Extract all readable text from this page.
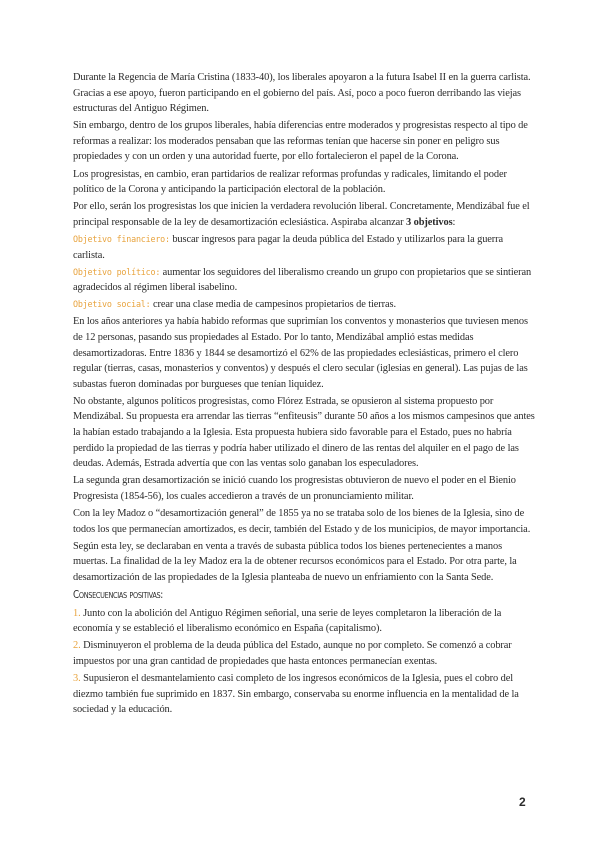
Durante la Regencia de María Cristina (1833-40), los liberales apoyaron a la futura Isabel II en la guerra carlista. Gracias a ese apoyo, fueron participando en el gobierno del país. Así, poco a poco fueron derribando las viejas estructuras del Antiguo Régimen.

Sin embargo, dentro de los grupos liberales, había diferencias entre moderados y progresistas respecto al tipo de reformas a realizar: los moderados pensaban que las reformas tenían que hacerse sin poner en peligro sus propiedades y con un orden y una autoridad fuerte, por ello fortalecieron el papel de la Corona.

Los progresistas, en cambio, eran partidarios de realizar reformas profundas y radicales, limitando el poder político de la Corona y anticipando la participación electoral de la población.

Por ello, serán los progresistas los que inicien la verdadera revolución liberal. Concretamente, Mendizábal fue el principal responsable de la ley de desamortización eclesiástica. Aspiraba alcanzar 3 objetivos:

Objetivo financiero: buscar ingresos para pagar la deuda pública del Estado y utilizarlos para la guerra carlista.

Objetivo político: aumentar los seguidores del liberalismo creando un grupo con propietarios que se sintieran agradecidos al régimen liberal isabelino.

Objetivo social: crear una clase media de campesinos propietarios de tierras.

En los años anteriores ya había habido reformas que suprimían los conventos y monasterios que tuviesen menos de 12 personas, pasando sus propiedades al Estado. Por lo tanto, Mendizábal amplió estas medidas desamortizadoras. Entre 1836 y 1844 se desamortizó el 62% de las propiedades eclesiásticas, primero el clero regular (tierras, casas, monasterios y conventos) y después el clero secular (iglesias en general). Las pujas de las subastas fueron dominadas por burgueses que tenían liquidez.

No obstante, algunos políticos progresistas, como Flórez Estrada, se opusieron al sistema propuesto por Mendizábal. Su propuesta era arrendar las tierras “enfiteusis” durante 50 años a los mismos campesinos que antes la habían estado trabajando a la Iglesia. Esta propuesta hubiera sido favorable para el Estado, pues no habría perdido la propiedad de las tierras y podría haber utilizado el dinero de las rentas del alquiler en el pago de las deudas. Además, Estrada advertía que con las ventas solo ganaban los especuladores.

La segunda gran desamortización se inició cuando los progresistas obtuvieron de nuevo el poder en el Bienio Progresista (1854-56), los cuales accedieron a través de un pronunciamiento militar.

Con la ley Madoz o “desamortización general” de 1855 ya no se trataba solo de los bienes de la Iglesia, sino de todos los que permanecían amortizados, es decir, también del Estado y de los municipios, de mayor importancia.

Según esta ley, se declaraban en venta a través de subasta pública todos los bienes pertenecientes a manos muertas. La finalidad de la ley Madoz era la de obtener recursos económicos para el Estado. Por otra parte, la desamortización de las propiedades de la Iglesia planteaba de nuevo un enfriamiento con la Santa Sede.

Consecuencias positivas:

1. Junto con la abolición del Antiguo Régimen señorial, una serie de leyes completaron la liberación de la economía y se estableció el liberalismo económico en España (capitalismo).

2. Disminuyeron el problema de la deuda pública del Estado, aunque no por completo. Se comenzó a cobrar impuestos por una gran cantidad de propiedades que hasta entonces permanecían exentas.

3. Supusieron el desmantelamiento casi completo de los ingresos económicos de la Iglesia, pues el cobro del diezmo también fue suprimido en 1837. Sin embargo, conservaba su enorme influencia en la mentalidad de la sociedad y la educación.

2
